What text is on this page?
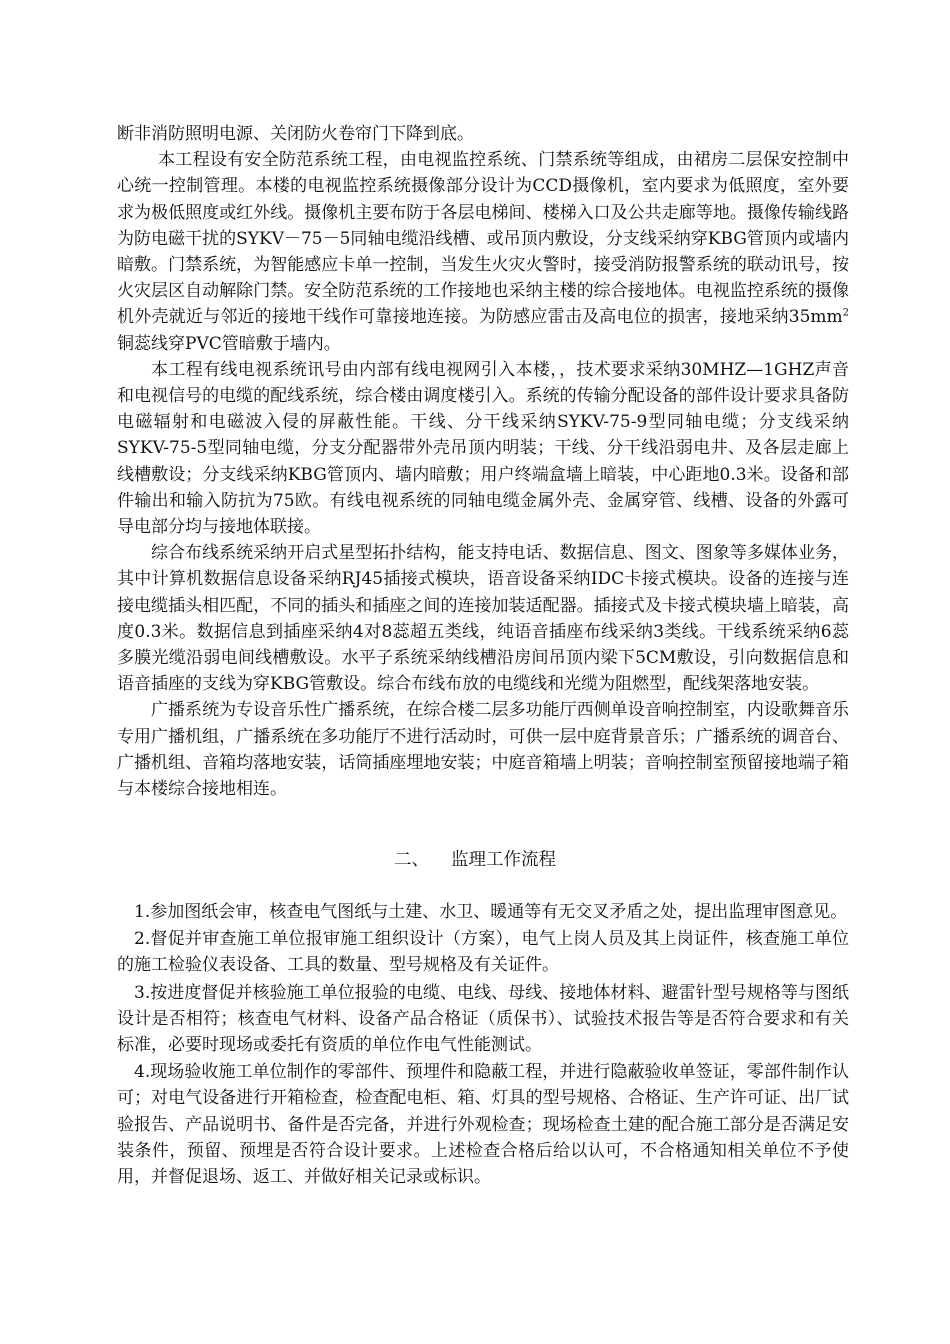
断非消防照明电源、关闭防火卷帘门下降到底。

本工程设有安全防范系统工程，由电视监控系统、门禁系统等组成，由裙房二层保安控制中心统一控制管理。本楼的电视监控系统摄像部分设计为CCD摄像机，室内要求为低照度，室外要求为极低照度或红外线。摄像机主要布防于各层电梯间、楼梯入口及公共走廊等地。摄像传输线路为防电磁干扰的SYKV－75－5同轴电缆沿线槽、或吊顶内敷设，分支线采纳穿KBG管顶内或墙内暗敷。门禁系统，为智能感应卡单一控制，当发生火灾火警时，接受消防报警系统的联动讯号，按火灾层区自动解除门禁。安全防范系统的工作接地也采纳主楼的综合接地体。电视监控系统的摄像机外壳就近与邻近的接地干线作可靠接地连接。为防感应雷击及高电位的损害，接地采纳$35mm^2$铜蕊线穿PVC管暗敷于墙内。

本工程有线电视系统讯号由内部有线电视网引入本楼，，技术要求采纳30MHZ—1GHZ声音和电视信号的电缆的配线系统，综合楼由调度楼引入。系统的传输分配设备的部件设计要求具备防电磁辐射和电磁波入侵的屏蔽性能。干线、分干线采纳SYKV-75-9型同轴电缆；分支线采纳SYKV-75-5型同轴电缆，分支分配器带外壳吊顶内明装；干线、分干线沿弱电井、及各层走廊上线槽敷设；分支线采纳KBG管顶内、墙内暗敷；用户终端盒墙上暗装，中心距地0.3米。设备和部件输出和输入防抗为75欧。有线电视系统的同轴电缆金属外壳、金属穿管、线槽、设备的外露可导电部分均与接地体联接。

综合布线系统采纳开启式星型拓扑结构，能支持电话、数据信息、图文、图象等多媒体业务，其中计算机数据信息设备采纳RJ45插接式模块，语音设备采纳IDC卡接式模块。设备的连接与连接电缆插头相匹配，不同的插头和插座之间的连接加装适配器。插接式及卡接式模块墙上暗装，高度0.3米。数据信息到插座采纳4对8蕊超五类线，纯语音插座布线采纳3类线。干线系统采纳6蕊多膜光缆沿弱电间线槽敷设。水平子系统采纳线槽沿房间吊顶内梁下5CM敷设，引向数据信息和语音插座的支线为穿KBG管敷设。综合布线布放的电缆线和光缆为阻燃型，配线架落地安装。

广播系统为专设音乐性广播系统，在综合楼二层多功能厅西侧单设音响控制室，内设歌舞音乐专用广播机组，广播系统在多功能厅不进行活动时，可供一层中庭背景音乐；广播系统的调音台、广播机组、音箱均落地安装，话筒插座埋地安装；中庭音箱墙上明装；音响控制室预留接地端子箱与本楼综合接地相连。

二、 监理工作流程

1.参加图纸会审，核查电气图纸与土建、水卫、暖通等有无交叉矛盾之处，提出监理审图意见。

2.督促并审查施工单位报审施工组织设计（方案），电气上岗人员及其上岗证件，核查施工单位的施工检验仪表设备、工具的数量、型号规格及有关证件。

3.按进度督促并核验施工单位报验的电缆、电线、母线、接地体材料、避雷针型号规格等与图纸设计是否相符；核查电气材料、设备产品合格证（质保书）、试验技术报告等是否符合要求和有关标准，必要时现场或委托有资质的单位作电气性能测试。

4.现场验收施工单位制作的零部件、预埋件和隐蔽工程，并进行隐蔽验收单签证，零部件制作认可；对电气设备进行开箱检查，检查配电柜、箱、灯具的型号规格、合格证、生产许可证、出厂试验报告、产品说明书、备件是否完备，并进行外观检查；现场检查土建的配合施工部分是否满足安装条件，预留、预埋是否符合设计要求。上述检查合格后给以认可，不合格通知相关单位不予使用，并督促退场、返工、并做好相关记录或标识。
